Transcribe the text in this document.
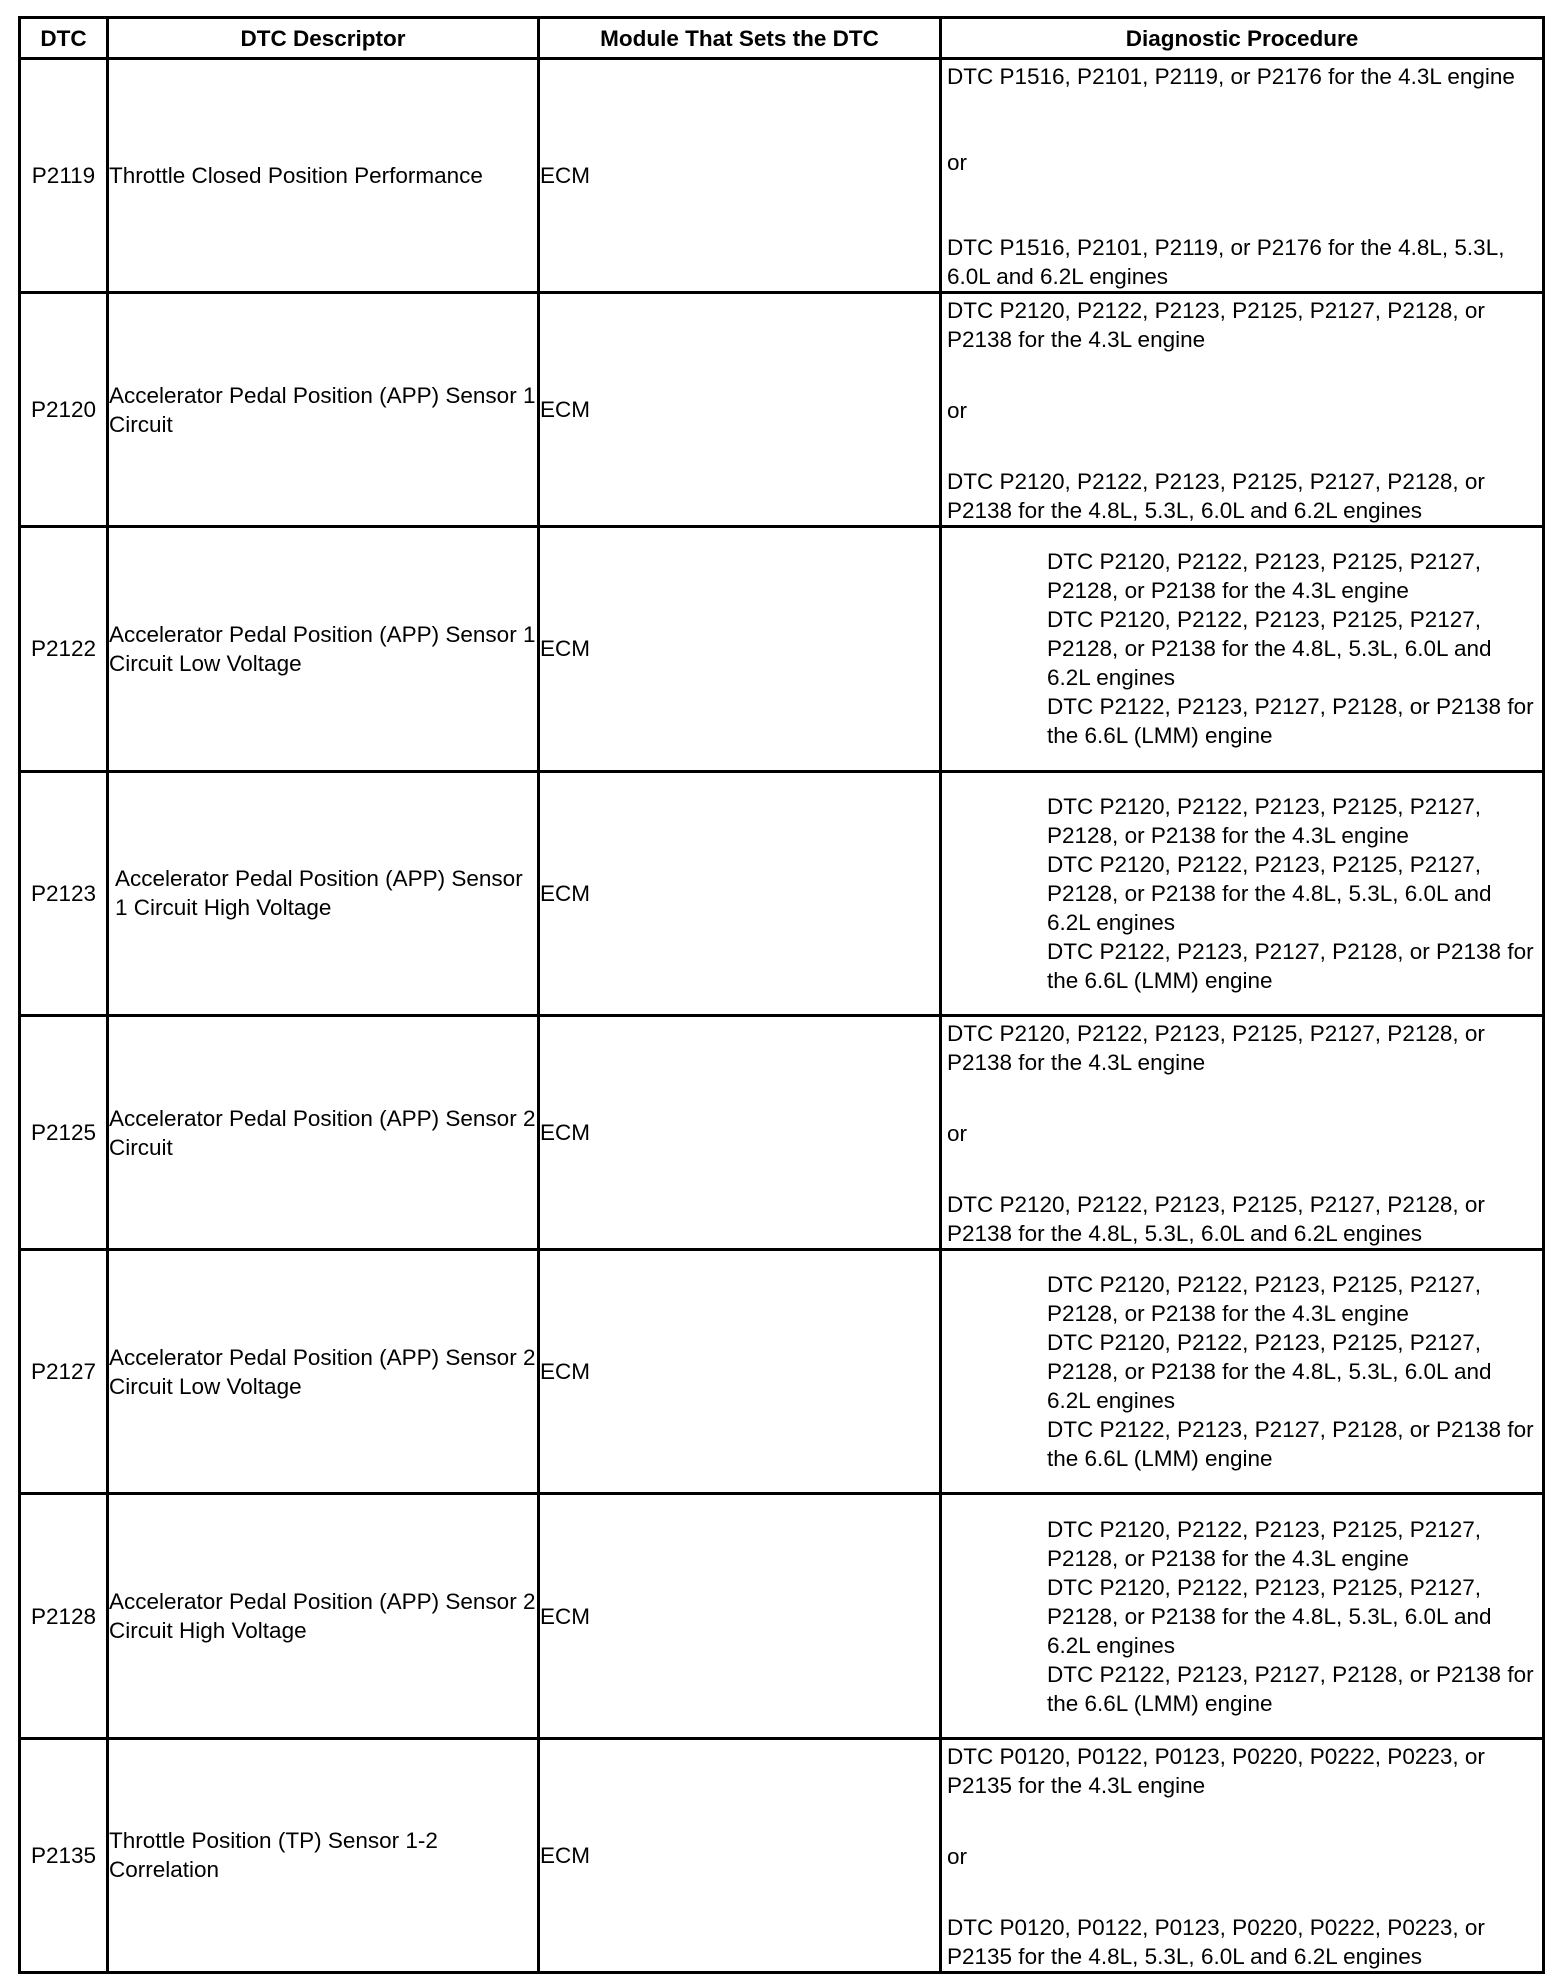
DTC	DTC Descriptor	Module That Sets the DTC	Diagnostic Procedure
P2119	Throttle Closed Position Performance	ECM	DTC P1516, P2101, P2119, or P2176 for the 4.3L engine
or
DTC P1516, P2101, P2119, or P2176 for the 4.8L, 5.3L, 6.0L and 6.2L engines

P2120	Accelerator Pedal Position (APP) Sensor 1 Circuit	ECM	DTC P2120, P2122, P2123, P2125, P2127, P2128, or P2138 for the 4.3L engine
or
DTC P2120, P2122, P2123, P2125, P2127, P2128, or P2138 for the 4.8L, 5.3L, 6.0L and 6.2L engines

P2122	Accelerator Pedal Position (APP) Sensor 1 Circuit Low Voltage	ECM	DTC P2120, P2122, P2123, P2125, P2127, P2128, or P2138 for the 4.3L engine
DTC P2120, P2122, P2123, P2125, P2127, P2128, or P2138 for the 4.8L, 5.3L, 6.0L and 6.2L engines
DTC P2122, P2123, P2127, P2128, or P2138 for the 6.6L (LMM) engine

P2123	Accelerator Pedal Position (APP) Sensor 1 Circuit High Voltage	ECM	DTC P2120, P2122, P2123, P2125, P2127, P2128, or P2138 for the 4.3L engine
DTC P2120, P2122, P2123, P2125, P2127, P2128, or P2138 for the 4.8L, 5.3L, 6.0L and 6.2L engines
DTC P2122, P2123, P2127, P2128, or P2138 for the 6.6L (LMM) engine

P2125	Accelerator Pedal Position (APP) Sensor 2 Circuit	ECM	DTC P2120, P2122, P2123, P2125, P2127, P2128, or P2138 for the 4.3L engine
or
DTC P2120, P2122, P2123, P2125, P2127, P2128, or P2138 for the 4.8L, 5.3L, 6.0L and 6.2L engines

P2127	Accelerator Pedal Position (APP) Sensor 2 Circuit Low Voltage	ECM	DTC P2120, P2122, P2123, P2125, P2127, P2128, or P2138 for the 4.3L engine
DTC P2120, P2122, P2123, P2125, P2127, P2128, or P2138 for the 4.8L, 5.3L, 6.0L and 6.2L engines
DTC P2122, P2123, P2127, P2128, or P2138 for the 6.6L (LMM) engine

P2128	Accelerator Pedal Position (APP) Sensor 2 Circuit High Voltage	ECM	DTC P2120, P2122, P2123, P2125, P2127, P2128, or P2138 for the 4.3L engine
DTC P2120, P2122, P2123, P2125, P2127, P2128, or P2138 for the 4.8L, 5.3L, 6.0L and 6.2L engines
DTC P2122, P2123, P2127, P2128, or P2138 for the 6.6L (LMM) engine

P2135	Throttle Position (TP) Sensor 1-2 Correlation	ECM	DTC P0120, P0122, P0123, P0220, P0222, P0223, or P2135 for the 4.3L engine
or
DTC P0120, P0122, P0123, P0220, P0222, P0223, or P2135 for the 4.8L, 5.3L, 6.0L and 6.2L engines
